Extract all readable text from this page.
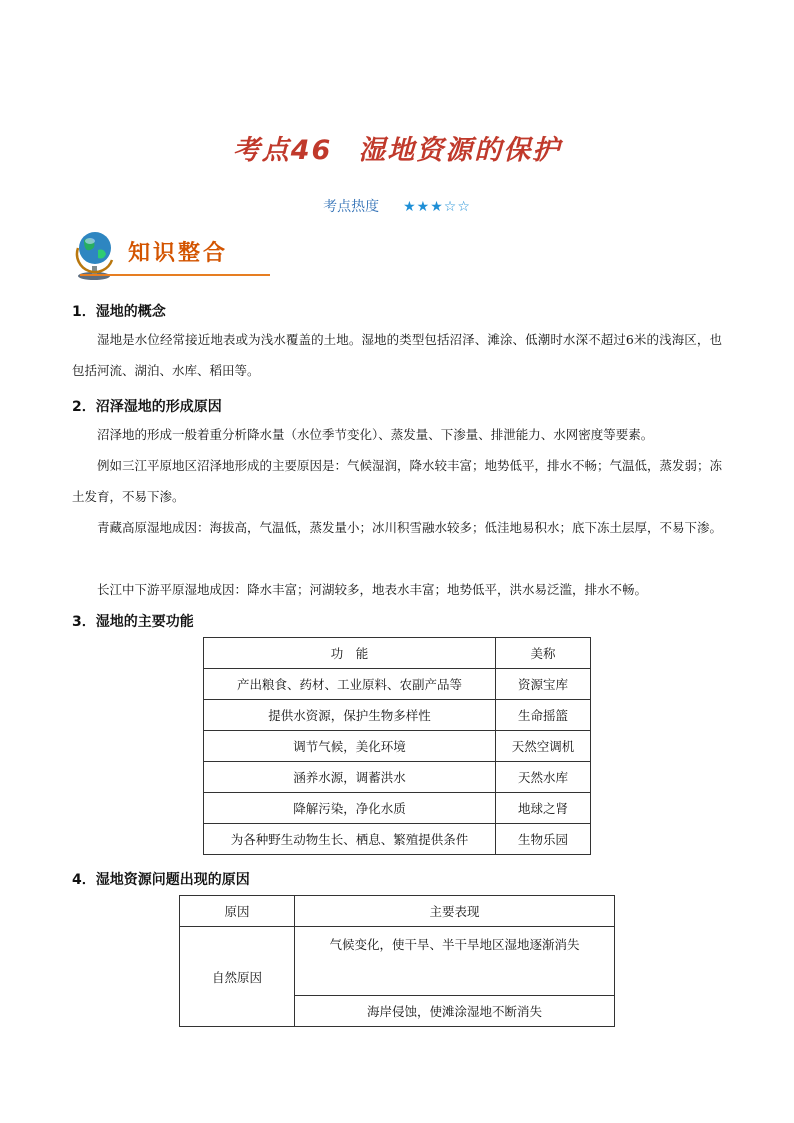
考点46 湿地资源的保护
考点热度 ★★★☆☆
知识整合
1．湿地的概念
湿地是水位经常接近地表或为浅水覆盖的土地。湿地的类型包括沼泽、滩涂、低潮时水深不超过6米的浅海区，也包括河流、湖泊、水库、稻田等。
2．沼泽湿地的形成原因
沼泽地的形成一般着重分析降水量（水位季节变化）、蒸发量、下渗量、排泄能力、水网密度等要素。
例如三江平原地区沼泽地形成的主要原因是：气候湿润，降水较丰富；地势低平，排水不畅；气温低，蒸发弱；冻土发育，不易下渗。
青藏高原湿地成因：海拔高，气温低，蒸发量小；冰川积雪融水较多；低洼地易积水；底下冻土层厚，不易下渗。
长江中下游平原湿地成因：降水丰富；河湖较多，地表水丰富；地势低平，洪水易泛滥，排水不畅。
3．湿地的主要功能
功　能	美称
产出粮食、药材、工业原料、农副产品等	资源宝库
提供水资源，保护生物多样性	生命摇篮
调节气候，美化环境	天然空调机
涵养水源，调蓄洪水	天然水库
降解污染，净化水质	地球之肾
为各种野生动物生长、栖息、繁殖提供条件	生物乐园
4．湿地资源问题出现的原因
原因	主要表现
自然原因	气候变化，使干旱、半干旱地区湿地逐渐消失
	海岸侵蚀，使滩涂湿地不断消失
